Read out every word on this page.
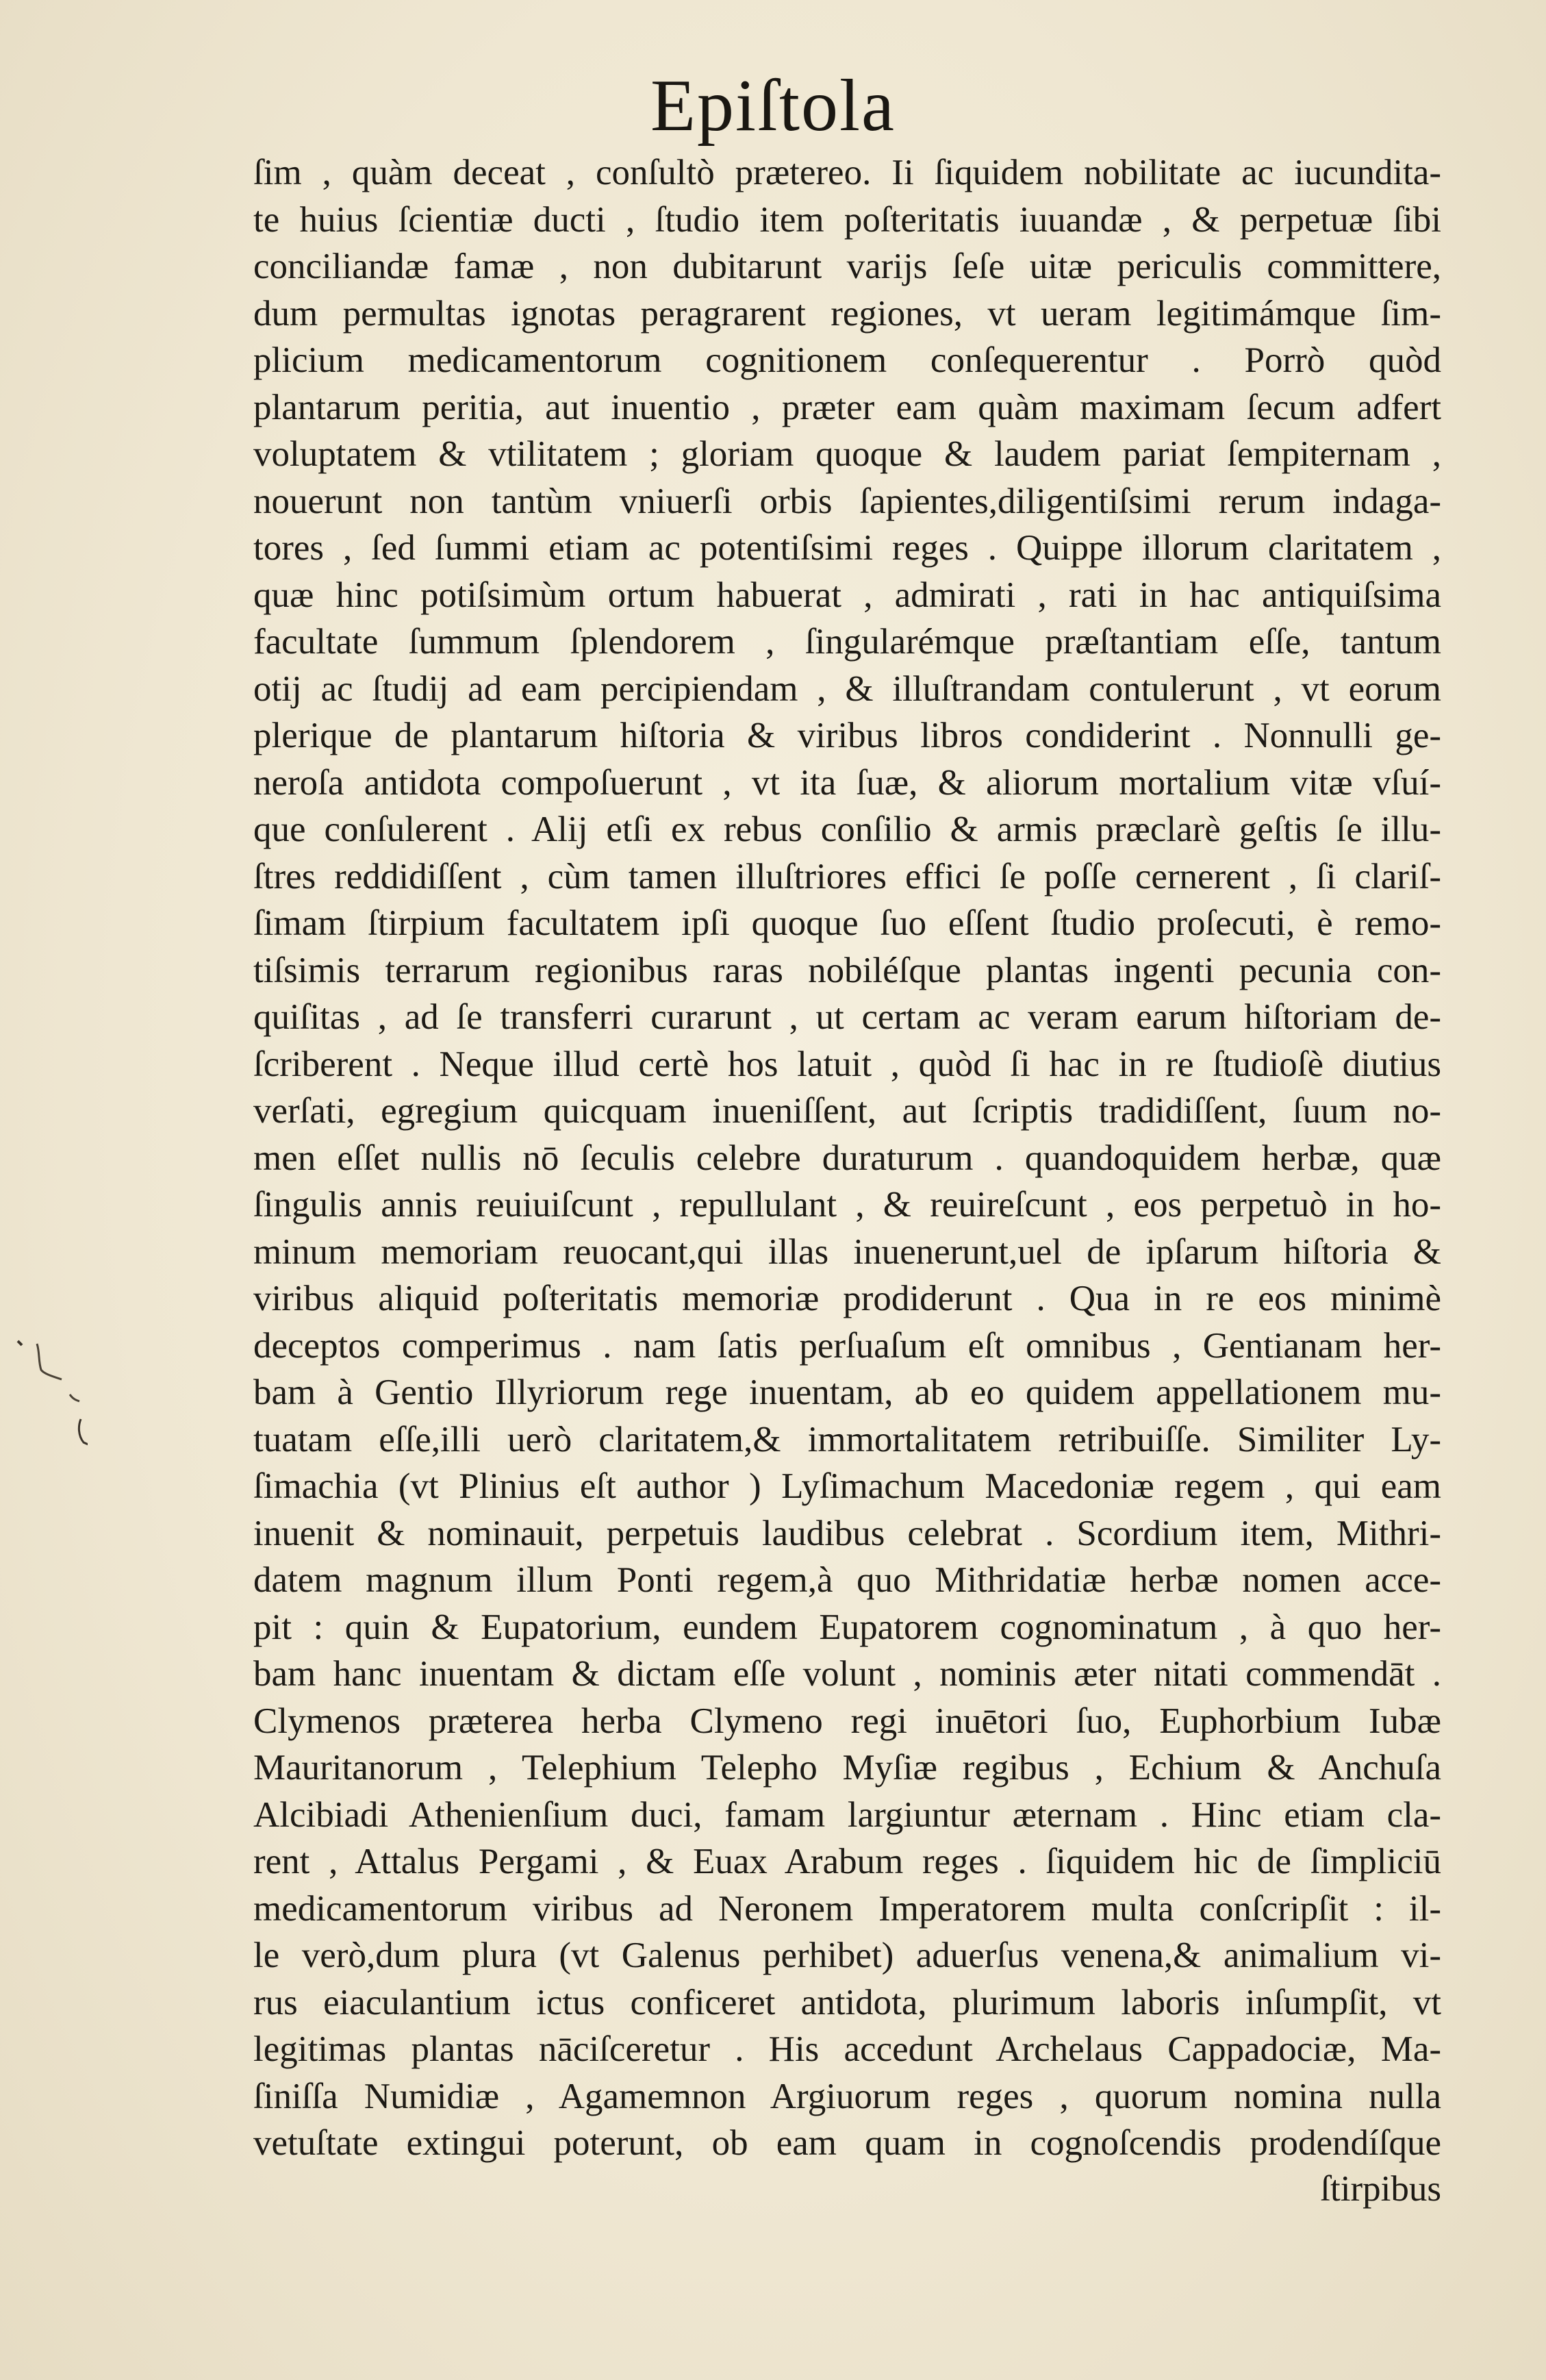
Epiſtola
ſim , quàm deceat , conſultò prætereo. Ii ſiquidem nobilitate ac iucundita-
te huius ſcientiæ ducti , ſtudio item poſteritatis iuuandæ , & perpetuæ ſibi
conciliandæ famæ , non dubitarunt varijs ſeſe uitæ periculis committere,
dum permultas ignotas peragrarent regiones, vt ueram legitimámque ſim-
plicium medicamentorum cognitionem conſequerentur . Porrò quòd
plantarum peritia, aut inuentio , præter eam quàm maximam ſecum adfert
voluptatem & vtilitatem ; gloriam quoque & laudem pariat ſempiternam ,
nouerunt non tantùm vniuerſi orbis ſapientes,diligentiſsimi rerum indaga-
tores , ſed ſummi etiam ac potentiſsimi reges . Quippe illorum claritatem ,
quæ hinc potiſsimùm ortum habuerat , admirati , rati in hac antiquiſsima
facultate ſummum ſplendorem , ſingularémque præſtantiam eſſe, tantum
otij ac ſtudij ad eam percipiendam , & illuſtrandam contulerunt , vt eorum
plerique de plantarum hiſtoria & viribus libros condiderint . Nonnulli ge-
neroſa antidota compoſuerunt , vt ita ſuæ, & aliorum mortalium vitæ vſuí-
que conſulerent . Alij etſi ex rebus conſilio & armis præclarè geſtis ſe illu-
ſtres reddidiſſent , cùm tamen illuſtriores effici ſe poſſe cernerent , ſi clariſ-
ſimam ſtirpium facultatem ipſi quoque ſuo eſſent ſtudio proſecuti, è remo-
tiſsimis terrarum regionibus raras nobiléſque plantas ingenti pecunia con-
quiſitas , ad ſe transferri curarunt , ut certam ac veram earum hiſtoriam de-
ſcriberent . Neque illud certè hos latuit , quòd ſi hac in re ſtudioſè diutius
verſati, egregium quicquam inueniſſent, aut ſcriptis tradidiſſent, ſuum no-
men eſſet nullis nō ſeculis celebre duraturum . quandoquidem herbæ, quæ
ſingulis annis reuiuiſcunt , repullulant , & reuireſcunt , eos perpetuò in ho-
minum memoriam reuocant,qui illas inuenerunt,uel de ipſarum hiſtoria &
viribus aliquid poſteritatis memoriæ prodiderunt . Qua in re eos minimè
deceptos comperimus . nam ſatis perſuaſum eſt omnibus , Gentianam her-
bam à Gentio Illyriorum rege inuentam, ab eo quidem appellationem mu-
tuatam eſſe,illi uerò claritatem,& immortalitatem retribuiſſe. Similiter Ly-
ſimachia (vt Plinius eſt author ) Lyſimachum Macedoniæ regem , qui eam
inuenit & nominauit, perpetuis laudibus celebrat . Scordium item, Mithri-
datem magnum illum Ponti regem,à quo Mithridatiæ herbæ nomen acce-
pit : quin & Eupatorium, eundem Eupatorem cognominatum , à quo her-
bam hanc inuentam & dictam eſſe volunt , nominis æter nitati commendāt .
Clymenos præterea herba Clymeno regi inuētori ſuo, Euphorbium Iubæ
Mauritanorum , Telephium Telepho Myſiæ regibus , Echium & Anchuſa
Alcibiadi Athenienſium duci, famam largiuntur æternam . Hinc etiam cla-
rent , Attalus Pergami , & Euax Arabum reges . ſiquidem hic de ſimpliciū
medicamentorum viribus ad Neronem Imperatorem multa conſcripſit : il-
le verò,dum plura (vt Galenus perhibet) aduerſus venena,& animalium vi-
rus eiaculantium ictus conficeret antidota, plurimum laboris inſumpſit, vt
legitimas plantas nāciſceretur . His accedunt Archelaus Cappadociæ, Ma-
ſiniſſa Numidiæ , Agamemnon Argiuorum reges , quorum nomina nulla
vetuſtate extingui poterunt, ob eam quam in cognoſcendis prodendíſque
ſtirpibus
